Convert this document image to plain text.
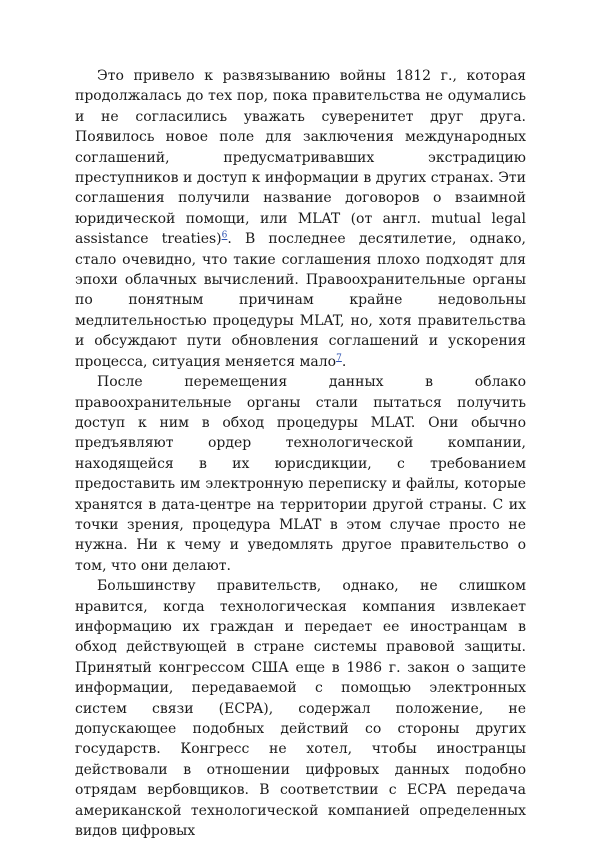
Это привело к развязыванию войны 1812 г., которая продолжалась до тех пор, пока правительства не одумались и не согласились уважать суверенитет друг друга. Появилось новое поле для заключения международных соглашений, предусматривавших экстрадицию преступников и доступ к информации в других странах. Эти соглашения получили название договоров о взаимной юридической помощи, или MLAT (от англ. mutual legal assistance treaties)$^6$. В последнее десятилетие, однако, стало очевидно, что такие соглашения плохо подходят для эпохи облачных вычислений. Правоохранительные органы по понятным причинам крайне недовольны медлительностью процедуры MLAT, но, хотя правительства и обсуждают пути обновления соглашений и ускорения процесса, ситуация меняется мало$^7$.

После перемещения данных в облако правоохранительные органы стали пытаться получить доступ к ним в обход процедуры MLAT. Они обычно предъявляют ордер технологической компании, находящейся в их юрисдикции, с требованием предоставить им электронную переписку и файлы, которые хранятся в дата-центре на территории другой страны. С их точки зрения, процедура MLAT в этом случае просто не нужна. Ни к чему и уведомлять другое правительство о том, что они делают.

Большинству правительств, однако, не слишком нравится, когда технологическая компания извлекает информацию их граждан и передает ее иностранцам в обход действующей в стране системы правовой защиты. Принятый конгрессом США еще в 1986 г. закон о защите информации, передаваемой с помощью электронных систем связи (ECPA), содержал положение, не допускающее подобных действий со стороны других государств. Конгресс не хотел, чтобы иностранцы действовали в отношении цифровых данных подобно отрядам вербовщиков. В соответствии с ECPA передача американской технологической компанией определенных видов цифровых
